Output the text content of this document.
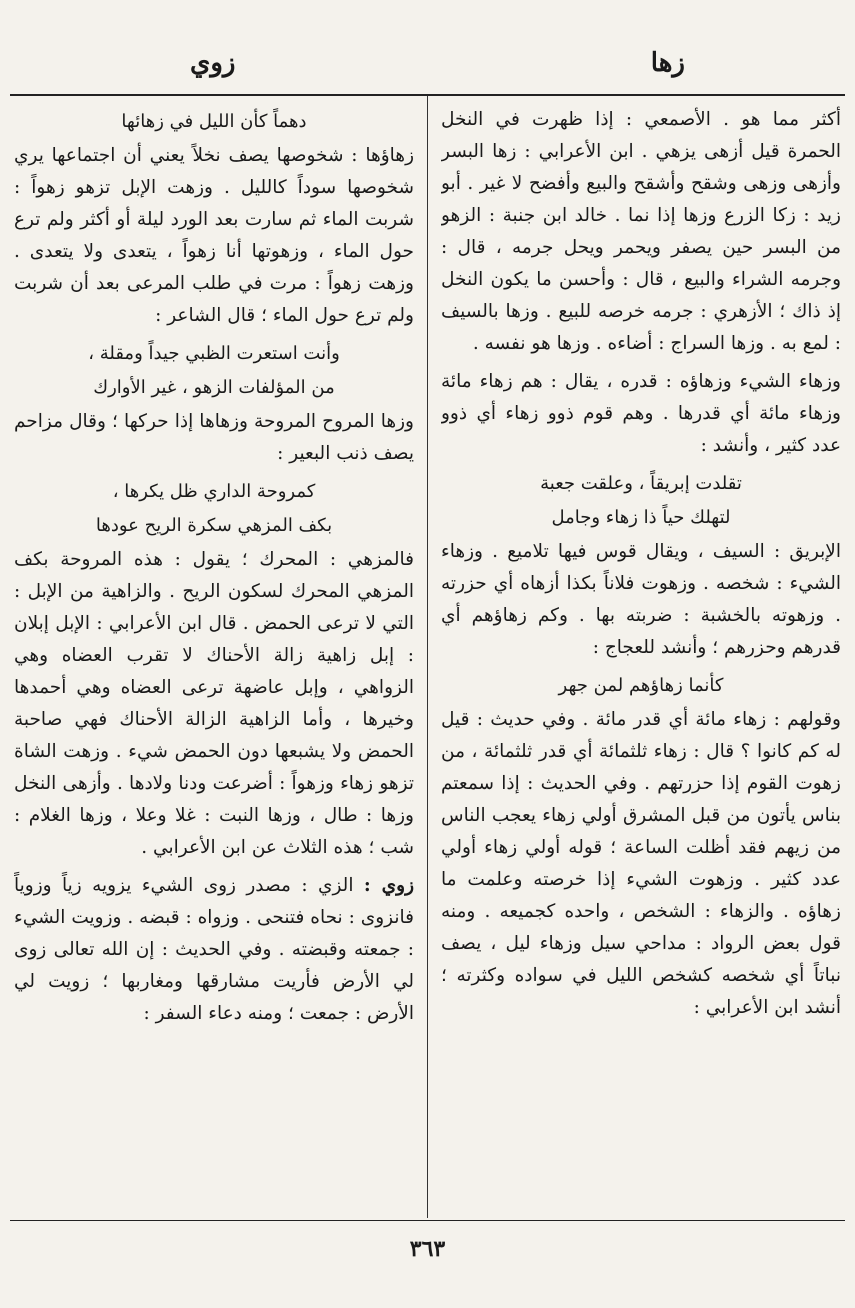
زها
زوي

أكثر مما هو . الأصمعي : إذا ظهرت في النخل الحمرة قيل أزهى يزهي . ابن الأعرابي : زها البسر وأزهى وزهى وشقح وأشقح والبيع وأفضح لا غير . أبو زيد : زكا الزرع وزها إذا نما . خالد ابن جنبة : الزهو من البسر حين يصفر ويحمر ويحل جرمه ، قال : وجرمه الشراء والبيع ، قال : وأحسن ما يكون النخل إذ ذاك ؛ الأزهري : جرمه خرصه للبيع . وزها بالسيف : لمع به . وزها السراج : أضاءه . وزها هو نفسه .

وزهاء الشيء وزهاؤه : قدره ، يقال : هم زهاء مائة وزهاء مائة أي قدرها . وهم قوم ذوو زهاء أي ذوو عدد كثير ، وأنشد :

تقلدت إبريقاً ، وعلقت جعبة
لتهلك حياً ذا زهاء وجامل

الإبريق : السيف ، ويقال قوس فيها تلاميع . وزهاء الشيء : شخصه . وزهوت فلاناً بكذا أزهاه أي حزرته . وزهوته بالخشبة : ضربته بها . وكم زهاؤهم أي قدرهم وحزرهم ؛ وأنشد للعجاج :

كأنما زهاؤهم لمن جهر

وقولهم : زهاء مائة أي قدر مائة . وفي حديث : قيل له كم كانوا ؟ قال : زهاء ثلثمائة أي قدر ثلثمائة ، من زهوت القوم إذا حزرتهم . وفي الحديث : إذا سمعتم بناس يأتون من قبل المشرق أولي زهاء يعجب الناس من زيهم فقد أظلت الساعة ؛ قوله أولي زهاء أولي عدد كثير . وزهوت الشيء إذا خرصته وعلمت ما زهاؤه . والزهاء : الشخص ، واحده كجميعه . ومنه قول بعض الرواد : مداحي سيل وزهاء ليل ، يصف نباتاً أي شخصه كشخص الليل في سواده وكثرته ؛ أنشد ابن الأعرابي :

دهماً كأن الليل في زهائها

زهاؤها : شخوصها يصف نخلاً يعني أن اجتماعها يري شخوصها سوداً كالليل . وزهت الإبل تزهو زهواً : شربت الماء ثم سارت بعد الورد ليلة أو أكثر ولم ترع حول الماء ، وزهوتها أنا زهواً ، يتعدى ولا يتعدى . وزهت زهواً : مرت في طلب المرعى بعد أن شربت ولم ترع حول الماء ؛ قال الشاعر :

وأنت استعرت الظبي جيداً ومقلة ،
من المؤلفات الزهو ، غير الأوارك

وزها المروح المروحة وزهاها إذا حركها ؛ وقال مزاحم يصف ذنب البعير :

كمروحة الداري ظل يكرها ،
بكف المزهي سكرة الريح عودها

فالمزهي : المحرك ؛ يقول : هذه المروحة بكف المزهي المحرك لسكون الريح . والزاهية من الإبل : التي لا ترعى الحمض . قال ابن الأعرابي : الإبل إبلان : إبل زاهية زالة الأحناك لا تقرب العضاه وهي الزواهي ، وإبل عاضهة ترعى العضاه وهي أحمدها وخيرها ، وأما الزاهية الزالة الأحناك فهي صاحبة الحمض ولا يشبعها دون الحمض شيء . وزهت الشاة تزهو زهاء وزهواً : أضرعت ودنا ولادها . وأزهى النخل وزها : طال ، وزها النبت : غلا وعلا ، وزها الغلام : شب ؛ هذه الثلاث عن ابن الأعرابي .

زوي : الزي : مصدر زوى الشيء يزويه زياً وزوياً فانزوى : نحاه فتنحى . وزواه : قبضه . وزويت الشيء : جمعته وقبضته . وفي الحديث : إن الله تعالى زوى لي الأرض فأريت مشارقها ومغاربها ؛ زويت لي الأرض : جمعت ؛ ومنه دعاء السفر :

٣٦٣
